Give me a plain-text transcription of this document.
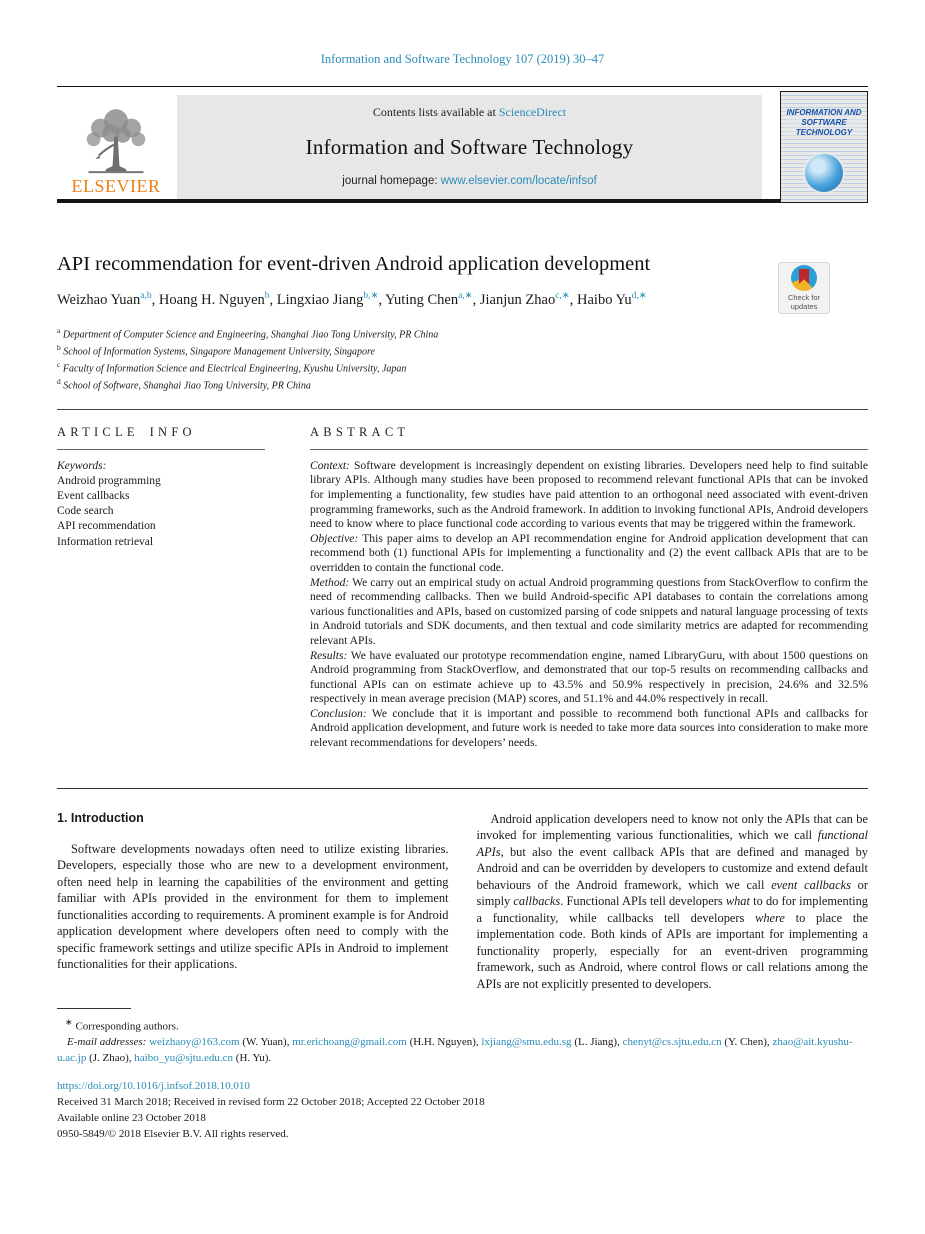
Information and Software Technology 107 (2019) 30–47
ELSEVIER
Contents lists available at ScienceDirect
Information and Software Technology
journal homepage: www.elsevier.com/locate/infsof
INFORMATION AND SOFTWARE TECHNOLOGY
API recommendation for event-driven Android application development
Weizhao Yuan$^{a,b}$, Hoang H. Nguyen$^b$, Lingxiao Jiang$^{b,∗}$, Yuting Chen$^{a,∗}$, Jianjun Zhao$^{c,∗}$, Haibo $Yu^{d,∗}$
$^a$ Department of Computer Science and Engineering, Shanghai Jiao Tong University, PR China
$^b$ School of Information Systems, Singapore Management University, Singapore
$^c$ Faculty of Information Science and Electrical Engineering, Kyushu University, Japan
$^d$ School of Software, Shanghai Jiao Tong University, PR China
ARTICLE INFO
Keywords:
Android programming
Event callbacks
Code search
API recommendation
Information retrieval
ABSTRACT
Context: Software development is increasingly dependent on existing libraries. Developers need help to find suitable library APIs. Although many studies have been proposed to recommend relevant functional APIs that can be invoked for implementing a functionality, few studies have paid attention to an orthogonal need associated with event-driven programming frameworks, such as the Android framework. In addition to invoking functional APIs, Android developers need to know where to place functional code according to various events that may be triggered within the framework.
Objective: This paper aims to develop an API recommendation engine for Android application development that can recommend both (1) functional APIs for implementing a functionality and (2) the event callback APIs that are to be overridden to contain the functional code.
Method: We carry out an empirical study on actual Android programming questions from StackOverflow to confirm the need of recommending callbacks. Then we build Android-specific API databases to contain the correlations among various functionalities and APIs, based on customized parsing of code snippets and natural language processing of texts in Android tutorials and SDK documents, and then textual and code similarity metrics are adapted for recommending relevant APIs.
Results: We have evaluated our prototype recommendation engine, named LibraryGuru, with about 1500 questions on Android programming from StackOverflow, and demonstrated that our top-5 results on recommending callbacks and functional APIs can on estimate achieve up to 43.5% and 50.9% respectively in precision, 24.6% and 32.5% respectively in mean average precision (MAP) scores, and 51.1% and 44.0% respectively in recall.
Conclusion: We conclude that it is important and possible to recommend both functional APIs and callbacks for Android application development, and future work is needed to take more data sources into consideration to make more relevant recommendations for developers’ needs.
1. Introduction

Software developments nowadays often need to utilize existing libraries. Developers, especially those who are new to a development environment, often need help in learning the capabilities of the environment and getting familiar with APIs provided in the environment for them to implement functionalities according to requirements. A prominent example is for Android application development where developers often need to comply with the specific framework settings and utilize specific APIs in Android to implement functionalities for their applications.

Android application developers need to know not only the APIs that can be invoked for implementing various functionalities, which we call functional APIs, but also the event callback APIs that are defined and managed by Android and can be overridden by developers to customize and extend default behaviours of the Android framework, which we call event callbacks or simply callbacks. Functional APIs tell developers what to do for implementing a functionality, while callbacks tell developers where to place the implementation code. Both kinds of APIs are important for implementing a functionality properly, especially for an event-driven programming framework, such as Android, where control flows or call relations among the APIs are not explicitly presented to developers.

∗ Corresponding authors.
E-mail addresses: weizhaoy@163.com (W. Yuan), mr.erichoang@gmail.com (H.H. Nguyen), lxjiang@smu.edu.sg (L. Jiang), chenyt@cs.sjtu.edu.cn (Y. Chen), zhao@ait.kyushu-u.ac.jp (J. Zhao), haibo_yu@sjtu.edu.cn (H. Yu).
https://doi.org/10.1016/j.infsof.2018.10.010
Received 31 March 2018; Received in revised form 22 October 2018; Accepted 22 October 2018
Available online 23 October 2018
0950-5849/© 2018 Elsevier B.V. All rights reserved.
Check for
updates
